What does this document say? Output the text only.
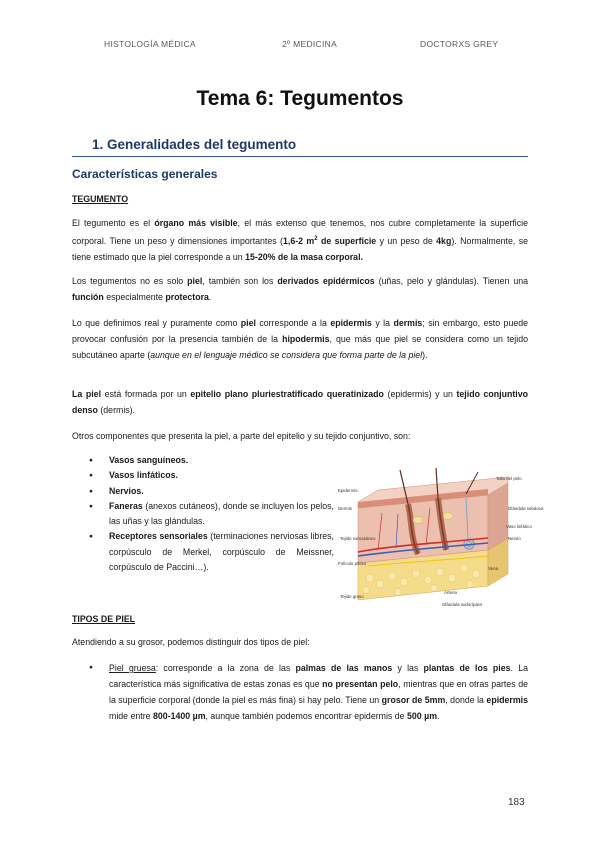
HISTOLOGÍA MÉDICA	2º MEDICINA	DOCTORXS GREY
Tema 6: Tegumentos
1. Generalidades del tegumento
Características generales
TEGUMENTO
El tegumento es el órgano más visible, el más extenso que tenemos, nos cubre completamente la superficie corporal. Tiene un peso y dimensiones importantes (1,6-2 $m^2$ de superficie y un peso de 4kg). Normalmente, se tiene estimado que la piel corresponde a un 15-20% de la masa corporal.
Los tegumentos no es solo piel, también son los derivados epidérmicos (uñas, pelo y glándulas). Tienen una función especialmente protectora.
Lo que definimos real y puramente como piel corresponde a la epidermis y la dermis; sin embargo, esto puede provocar confusión por la presencia también de la hipodermis, que más que piel se considera como un tejido subcutáneo aparte (aunque en el lenguaje médico se considera que forma parte de la piel).
La piel está formada por un epitelio plano pluriestratificado queratinizado (epidermis) y un tejido conjuntivo denso (dermis).
Otros componentes que presenta la piel, a parte del epitelio y su tejido conjuntivo, son:
● Vasos sanguíneos.
● Vasos linfáticos.
● Nervios.
● Faneras (anexos cutáneos), donde se incluyen los pelos, las uñas y las glándulas.
● Receptores sensoriales (terminaciones nerviosas libres, corpúsculo de Merkel, corpúsculo de Meissner, corpúsculo de Paccini…).
Epidermis
Dermis
Tejido subcutáneo
Folículo piloso
Tejido graso
Tallo del pelo
Glándula sebácea
Vaso linfático
Nervio
Vena
Arteria
Glándula sudorípara
TIPOS DE PIEL
Atendiendo a su grosor, podemos distinguir dos tipos de piel:
● Piel gruesa: corresponde a la zona de las palmas de las manos y las plantas de los pies. La característica más significativa de estas zonas es que no presentan pelo, mientras que en otras partes de la superficie corporal (donde la piel es más fina) si hay pelo. Tiene un grosor de 5mm, donde la epidermis mide entre 800-1400 µm, aunque también podemos encontrar epidermis de 500 µm.
183
